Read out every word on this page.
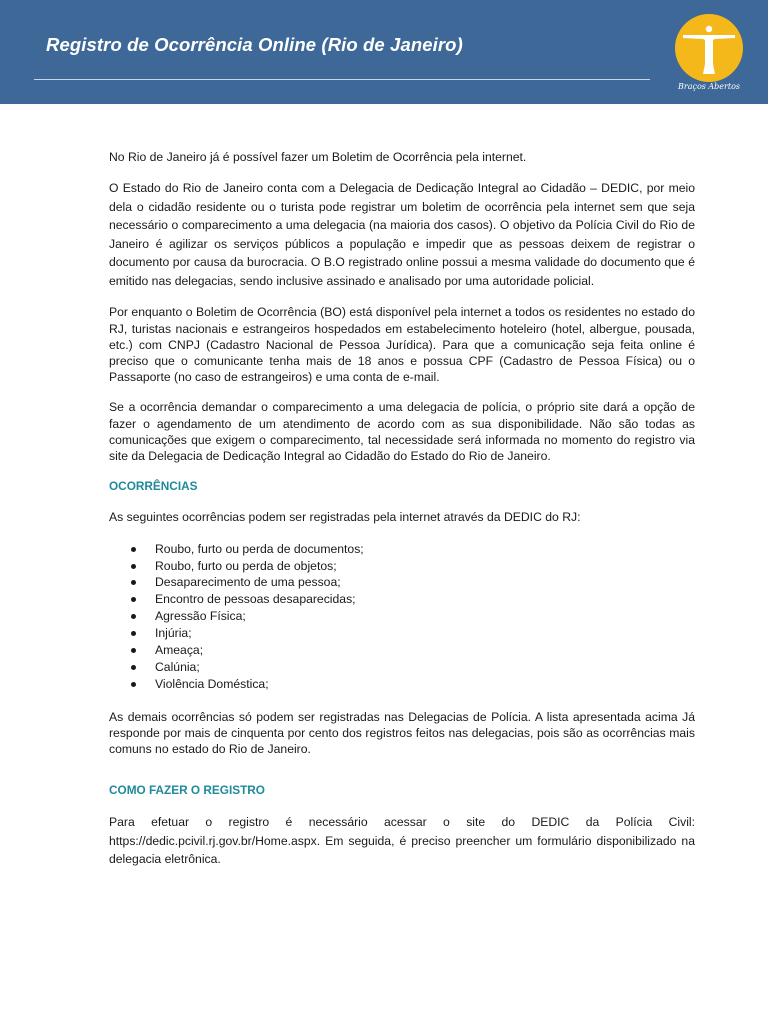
Registro de Ocorrência Online (Rio de Janeiro)
Braços Abertos

No Rio de Janeiro já é possível fazer um Boletim de Ocorrência pela internet.

O Estado do Rio de Janeiro conta com a Delegacia de Dedicação Integral ao Cidadão – DEDIC, por meio dela o cidadão residente ou o turista pode registrar um boletim de ocorrência pela internet sem que seja necessário o comparecimento a uma delegacia (na maioria dos casos). O objetivo da Polícia Civil do Rio de Janeiro é agilizar os serviços públicos a população e impedir que as pessoas deixem de registrar o documento por causa da burocracia. O B.O registrado online possui a mesma validade do documento que é emitido nas delegacias, sendo inclusive assinado e analisado por uma autoridade policial.

Por enquanto o Boletim de Ocorrência (BO) está disponível pela internet a todos os residentes no estado do RJ, turistas nacionais e estrangeiros hospedados em estabelecimento hoteleiro (hotel, albergue, pousada, etc.) com CNPJ (Cadastro Nacional de Pessoa Jurídica). Para que a comunicação seja feita online é preciso que o comunicante tenha mais de 18 anos e possua CPF (Cadastro de Pessoa Física) ou o Passaporte (no caso de estrangeiros) e uma conta de e-mail.

Se a ocorrência demandar o comparecimento a uma delegacia de polícia, o próprio site dará a opção de fazer o agendamento de um atendimento de acordo com as sua disponibilidade. Não são todas as comunicações que exigem o comparecimento, tal necessidade será informada no momento do registro via site da Delegacia de Dedicação Integral ao Cidadão do Estado do Rio de Janeiro.

OCORRÊNCIAS

As seguintes ocorrências podem ser registradas pela internet através da DEDIC do RJ:

Roubo, furto ou perda de documentos;
Roubo, furto ou perda de objetos;
Desaparecimento de uma pessoa;
Encontro de pessoas desaparecidas;
Agressão Física;
Injúria;
Ameaça;
Calúnia;
Violência Doméstica;

As demais ocorrências só podem ser registradas nas Delegacias de Polícia. A lista apresentada acima Já responde por mais de cinquenta por cento dos registros feitos nas delegacias, pois são as ocorrências mais comuns no estado do Rio de Janeiro.

COMO FAZER O REGISTRO

Para efetuar o registro é necessário acessar o site do DEDIC da Polícia Civil: https://dedic.pcivil.rj.gov.br/Home.aspx. Em seguida, é preciso preencher um formulário disponibilizado na delegacia eletrônica.
